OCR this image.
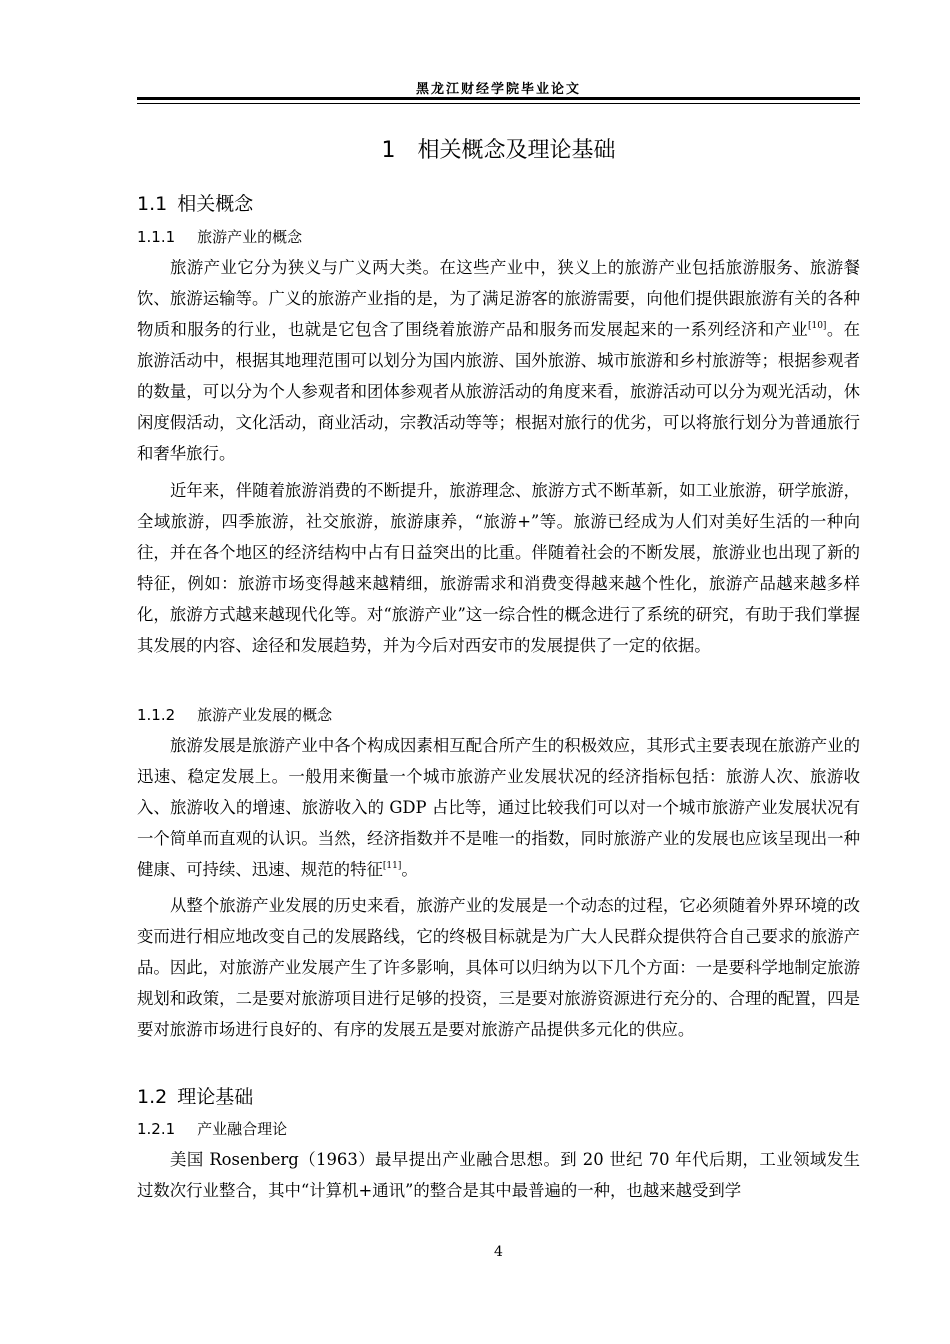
黑龙江财经学院毕业论文
1 相关概念及理论基础
1.1 相关概念
1.1.1 旅游产业的概念

旅游产业它分为狭义与广义两大类。在这些产业中，狭义上的旅游产业包括旅游服务、旅游餐饮、旅游运输等。广义的旅游产业指的是，为了满足游客的旅游需要，向他们提供跟旅游有关的各种物质和服务的行业，也就是它包含了围绕着旅游产品和服务而发展起来的一系列经济和产业[10]。在旅游活动中，根据其地理范围可以划分为国内旅游、国外旅游、城市旅游和乡村旅游等；根据参观者的数量，可以分为个人参观者和团体参观者从旅游活动的角度来看，旅游活动可以分为观光活动，休闲度假活动，文化活动，商业活动，宗教活动等等；根据对旅行的优劣，可以将旅行划分为普通旅行和奢华旅行。

近年来，伴随着旅游消费的不断提升，旅游理念、旅游方式不断革新，如工业旅游，研学旅游，全域旅游，四季旅游，社交旅游，旅游康养，“旅游+”等。旅游已经成为人们对美好生活的一种向往，并在各个地区的经济结构中占有日益突出的比重。伴随着社会的不断发展，旅游业也出现了新的特征，例如：旅游市场变得越来越精细，旅游需求和消费变得越来越个性化，旅游产品越来越多样化，旅游方式越来越现代化等。对“旅游产业”这一综合性的概念进行了系统的研究，有助于我们掌握其发展的内容、途径和发展趋势，并为今后对西安市的发展提供了一定的依据。

1.1.2 旅游产业发展的概念

旅游发展是旅游产业中各个构成因素相互配合所产生的积极效应，其形式主要表现在旅游产业的迅速、稳定发展上。一般用来衡量一个城市旅游产业发展状况的经济指标包括：旅游人次、旅游收入、旅游收入的增速、旅游收入的 GDP 占比等，通过比较我们可以对一个城市旅游产业发展状况有一个简单而直观的认识。当然，经济指数并不是唯一的指数，同时旅游产业的发展也应该呈现出一种健康、可持续、迅速、规范的特征[11]。

从整个旅游产业发展的历史来看，旅游产业的发展是一个动态的过程，它必须随着外界环境的改变而进行相应地改变自己的发展路线，它的终极目标就是为广大人民群众提供符合自己要求的旅游产品。因此，对旅游产业发展产生了许多影响，具体可以归纳为以下几个方面：一是要科学地制定旅游规划和政策，二是要对旅游项目进行足够的投资，三是要对旅游资源进行充分的、合理的配置，四是要对旅游市场进行良好的、有序的发展五是要对旅游产品提供多元化的供应。

1.2 理论基础
1.2.1 产业融合理论

美国 Rosenberg（1963）最早提出产业融合思想。到 20 世纪 70 年代后期，工业领域发生过数次行业整合，其中“计算机+通讯”的整合是其中最普遍的一种，也越来越受到学

4
